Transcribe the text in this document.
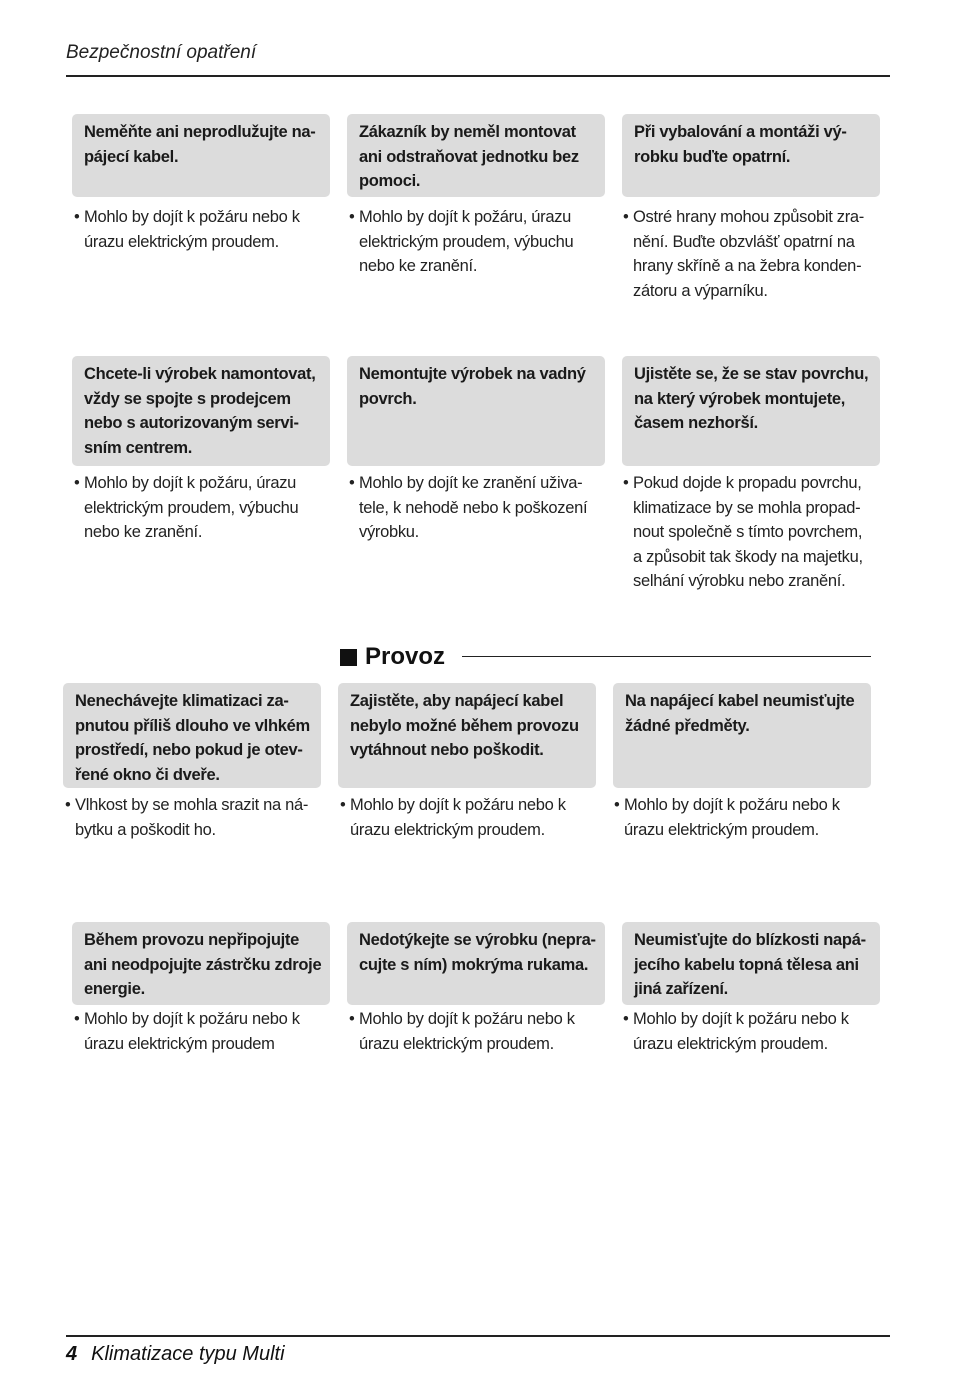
Bezpečnostní opatření
Neměňte ani neprodlužujte na-
pájecí kabel.
Zákazník by neměl montovat
ani odstraňovat jednotku bez
pomoci.
Při vybalování a montáži vý-
robku buďte opatrní.
• Mohlo by dojít k požáru nebo k
úrazu elektrickým proudem.
• Mohlo by dojít k požáru, úrazu
elektrickým proudem, výbuchu
nebo ke zranění.
• Ostré hrany mohou způsobit zra-
nění. Buďte obzvlášť opatrní na
hrany skříně a na žebra konden-
zátoru a výparníku.
Chcete-li výrobek namontovat,
vždy se spojte s prodejcem
nebo s autorizovaným servi-
sním centrem.
Nemontujte výrobek na vadný
povrch.
Ujistěte se, že se stav povrchu,
na který výrobek montujete,
časem nezhorší.
• Mohlo by dojít k požáru, úrazu
elektrickým proudem, výbuchu
nebo ke zranění.
• Mohlo by dojít ke zranění uživa-
tele, k nehodě nebo k poškození
výrobku.
• Pokud dojde k propadu povrchu,
klimatizace by se mohla propad-
nout společně s tímto povrchem,
a způsobit tak škody na majetku,
selhání výrobku nebo zranění.
Provoz
Nenechávejte klimatizaci za-
pnutou příliš dlouho ve vlhkém
prostředí, nebo pokud je otev-
řené okno či dveře.
Zajistěte, aby napájecí kabel
nebylo možné během provozu
vytáhnout nebo poškodit.
Na napájecí kabel neumisťujte
žádné předměty.
• Vlhkost by se mohla srazit na ná-
bytku a poškodit ho.
• Mohlo by dojít k požáru nebo k
úrazu elektrickým proudem.
• Mohlo by dojít k požáru nebo k
úrazu elektrickým proudem.
Během provozu nepřipojujte
ani neodpojujte zástrčku zdroje
energie.
Nedotýkejte se výrobku (nepra-
cujte s ním) mokrýma rukama.
Neumisťujte do blízkosti napá-
jecího kabelu topná tělesa ani
jiná zařízení.
• Mohlo by dojít k požáru nebo k
úrazu elektrickým proudem
• Mohlo by dojít k požáru nebo k
úrazu elektrickým proudem.
• Mohlo by dojít k požáru nebo k
úrazu elektrickým proudem.
4 Klimatizace typu Multi
